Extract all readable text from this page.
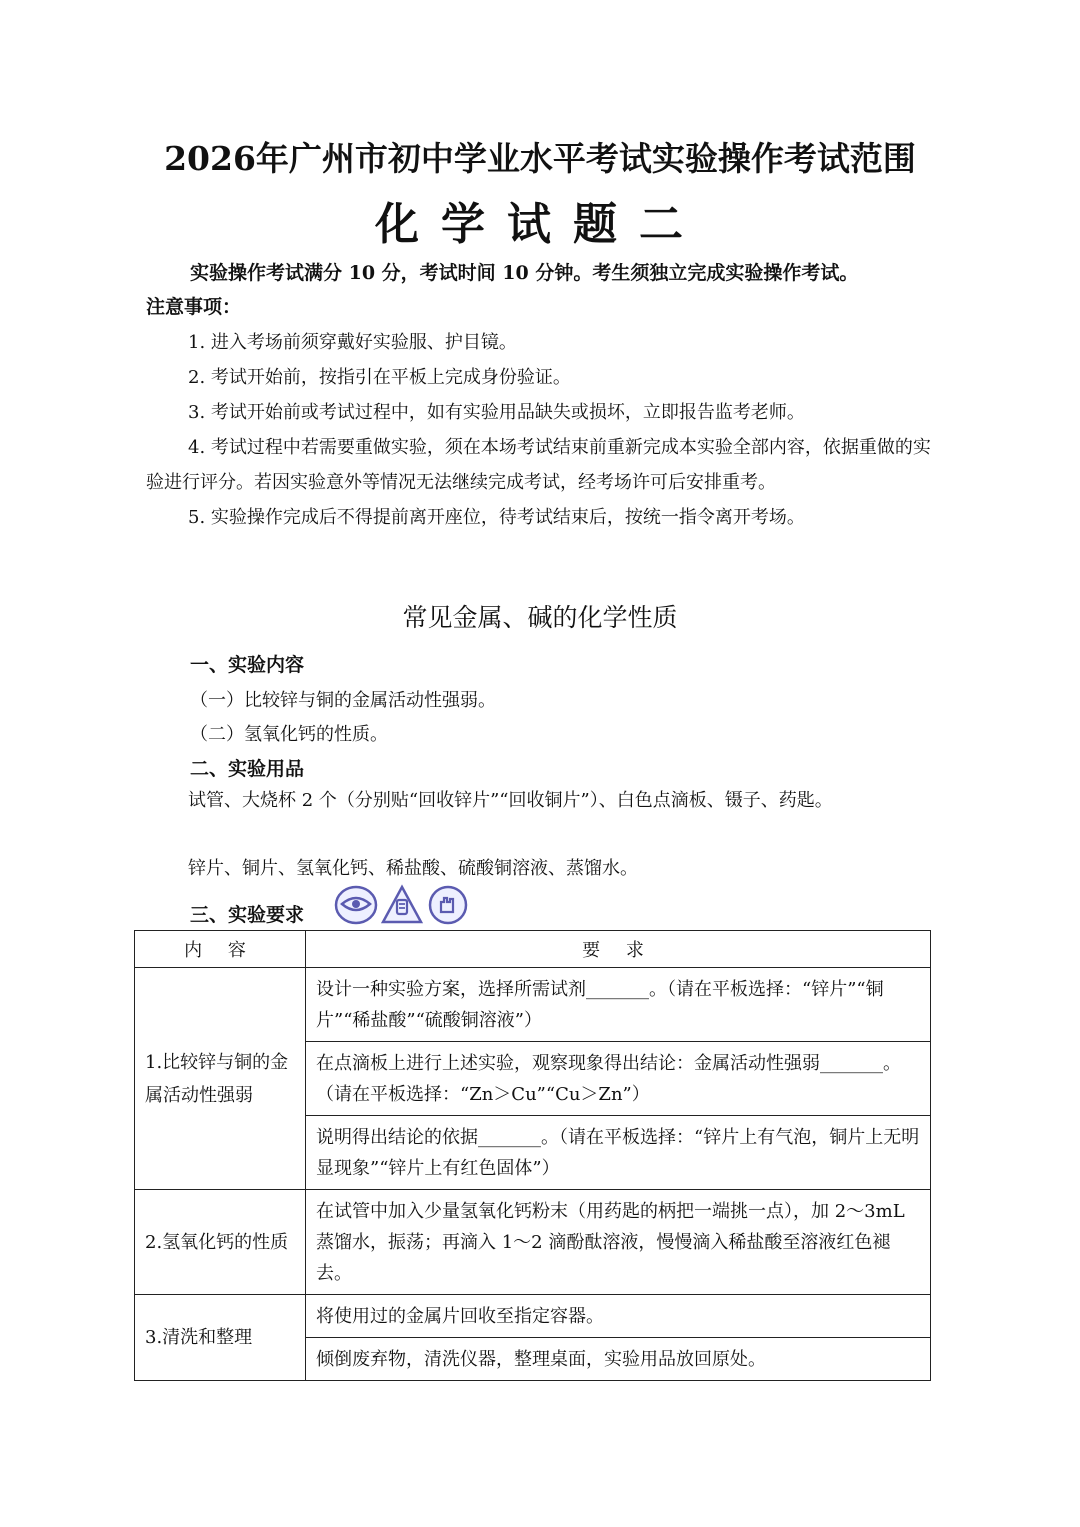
2026年广州市初中学业水平考试实验操作考试范围
化学试题二
实验操作考试满分 10 分，考试时间 10 分钟。考生须独立完成实验操作考试。
注意事项：

1. 进入考场前须穿戴好实验服、护目镜。

2. 考试开始前，按指引在平板上完成身份验证。

3. 考试开始前或考试过程中，如有实验用品缺失或损坏，立即报告监考老师。

4. 考试过程中若需要重做实验，须在本场考试结束前重新完成本实验全部内容，依据重做的实验进行评分。若因实验意外等情况无法继续完成考试，经考场许可后安排重考。

5. 实验操作完成后不得提前离开座位，待考试结束后，按统一指令离开考场。

常见金属、碱的化学性质
一、实验内容
（一）比较锌与铜的金属活动性强弱。
（二）氢氧化钙的性质。
二、实验用品

试管、大烧杯 2 个（分别贴“回收锌片”“回收铜片”）、白色点滴板、镊子、药匙。

锌片、铜片、氢氧化钙、稀盐酸、硫酸铜溶液、蒸馏水。

三、实验要求
内 容	要 求
1.比较锌与铜的金属活动性强弱	设计一种实验方案，选择所需试剂_______。（请在平板选择：“锌片”“铜片”“稀盐酸”“硫酸铜溶液”）
	在点滴板上进行上述实验，观察现象得出结论：金属活动性强弱_______。（请在平板选择：“Zn＞Cu”“Cu＞Zn”）
	说明得出结论的依据_______。（请在平板选择：“锌片上有气泡，铜片上无明显现象”“锌片上有红色固体”）
2.氢氧化钙的性质	在试管中加入少量氢氧化钙粉末（用药匙的柄把一端挑一点），加 2～3mL 蒸馏水，振荡；再滴入 1～2 滴酚酞溶液，慢慢滴入稀盐酸至溶液红色褪去。
3.清洗和整理	将使用过的金属片回收至指定容器。
	倾倒废弃物，清洗仪器，整理桌面，实验用品放回原处。
